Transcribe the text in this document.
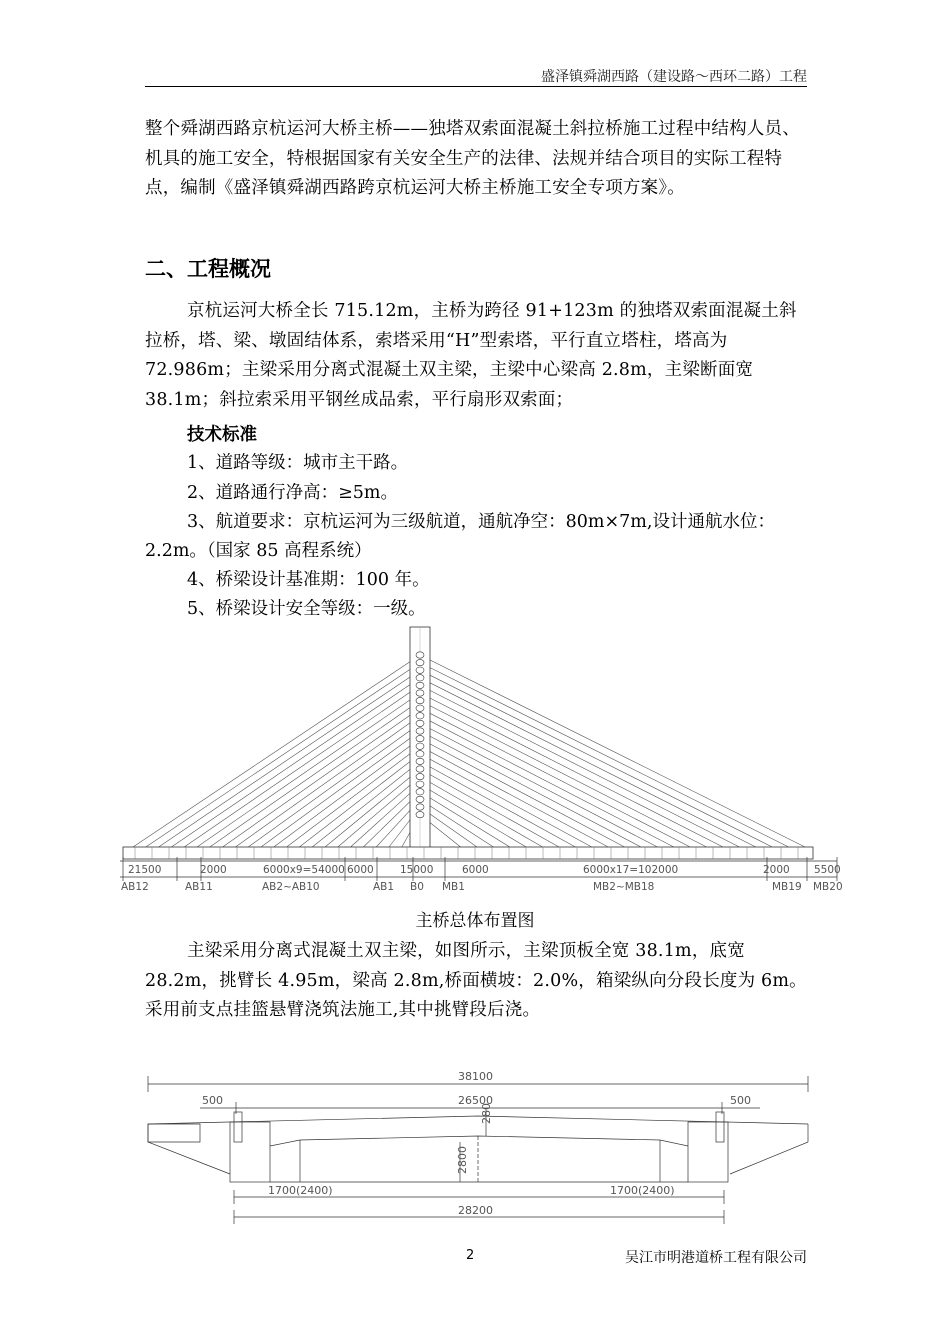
盛泽镇舜湖西路（建设路～西环二路）工程

整个舜湖西路京杭运河大桥主桥——独塔双索面混凝土斜拉桥施工过程中结构人员、机具的施工安全，特根据国家有关安全生产的法律、法规并结合项目的实际工程特点，编制《盛泽镇舜湖西路跨京杭运河大桥主桥施工安全专项方案》。

二、工程概况

京杭运河大桥全长 715.12m，主桥为跨径 91+123m 的独塔双索面混凝土斜拉桥，塔、梁、墩固结体系，索塔采用“H”型索塔，平行直立塔柱，塔高为 72.986m；主梁采用分离式混凝土双主梁，主梁中心梁高 2.8m，主梁断面宽 38.1m；斜拉索采用平钢丝成品索，平行扇形双索面；

技术标准
1、道路等级：城市主干路。
2、道路通行净高：≥5m。
3、航道要求：京杭运河为三级航道，通航净空：80m×7m,设计通航水位：
2.2m。（国家 85 高程系统）
4、桥梁设计基准期：100 年。
5、桥梁设计安全等级：一级。
21500	2000	6000x9=54000 6000	15000	6000	6000x17=102000	2000 5500
AB12	AB11	AB2~AB10	AB1 B0 MB1	MB2~MB18	MB19 MB20
主桥总体布置图

主梁采用分离式混凝土双主梁，如图所示，主梁顶板全宽 38.1m，底宽 28.2m，挑臂长 4.95m，梁高 2.8m,桥面横坡：2.0%，箱梁纵向分段长度为 6m。采用前支点挂篮悬臂浇筑法施工,其中挑臂段后浇。

38100
26500
500	500
280
2800
1700(2400)	1700(2400)
28200
2	吴江市明港道桥工程有限公司
